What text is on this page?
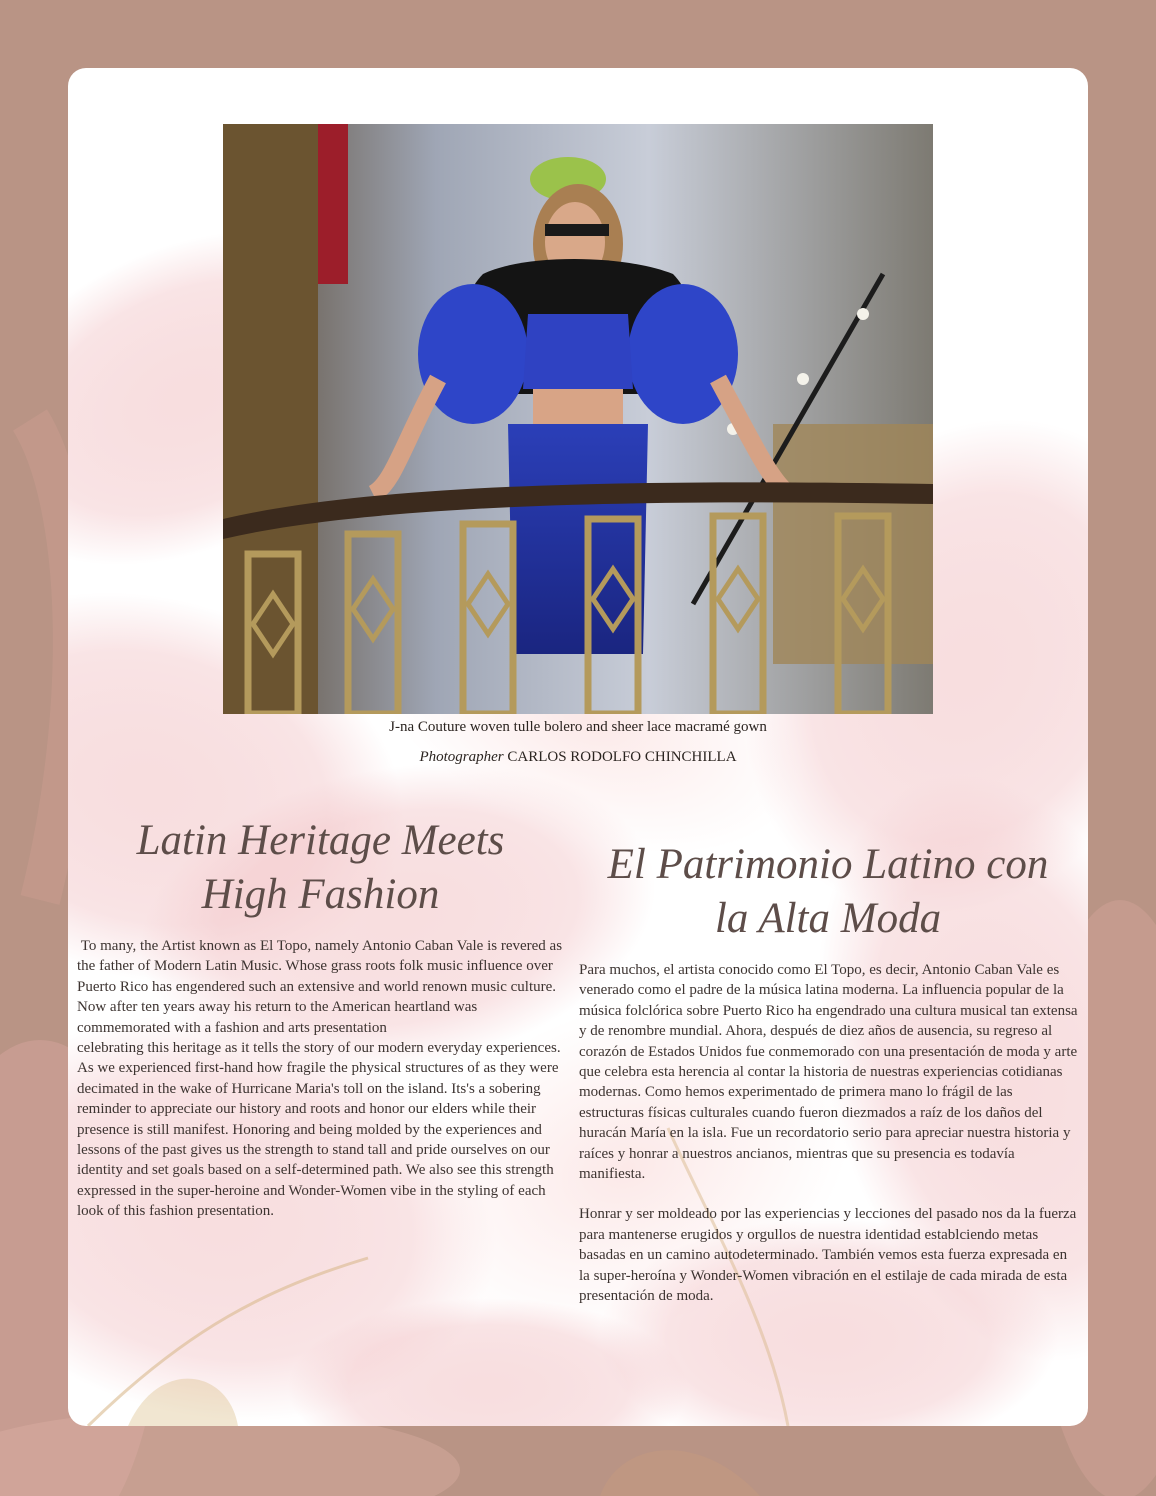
J-na Couture woven tulle bolero and sheer lace macramé gown
Photographer CARLOS RODOLFO CHINCHILLA
Latin Heritage Meets
High Fashion
El Patrimonio Latino con
la Alta Moda

To many, the Artist known as El Topo, namely Antonio Caban Vale is revered as the father of Modern Latin Music. Whose grass roots folk music influence over Puerto Rico has engendered such an extensive and world renown music culture. Now after ten years away his return to the American heartland was commemorated with a fashion and arts presentation

celebrating this heritage as it tells the story of our modern everyday experiences. As we experienced first-hand how fragile the physical structures of as they were decimated in the wake of Hurricane Maria's toll on the island. Its's a sobering reminder to appreciate our history and roots and honor our elders while their presence is still manifest. Honoring and being molded by the experiences and lessons of the past gives us the strength to stand tall and pride ourselves on our identity and set goals based on a self-determined path. We also see this strength expressed in the super-heroine and Wonder-Women vibe in the styling of each look of this fashion presentation.

Para muchos, el artista conocido como El Topo, es decir, Antonio Caban Vale es venerado como el padre de la música latina moderna. La influencia popular de la música folclórica sobre Puerto Rico ha engendrado una cultura musical tan extensa y de renombre mundial. Ahora, después de diez años de ausencia, su regreso al corazón de Estados Unidos fue conmemorado con una presentación de moda y arte que celebra esta herencia al contar la historia de nuestras experiencias cotidianas modernas. Como hemos experimentado de primera mano lo frágil de las estructuras físicas culturales cuando fueron diezmados a raíz de los daños del huracán María en la isla. Fue un recordatorio serio para apreciar nuestra historia y raíces y honrar a nuestros ancianos, mientras que su presencia es todavía manifiesta.

Honrar y ser moldeado por las experiencias y lecciones del pasado nos da la fuerza para mantenerse erugidos y orgullos de nuestra identidad establciendo metas basadas en un camino autodeterminado. También vemos esta fuerza expresada en la super-heroína y Wonder-Women vibración en el estilaje de cada mirada de esta presentación de moda.
